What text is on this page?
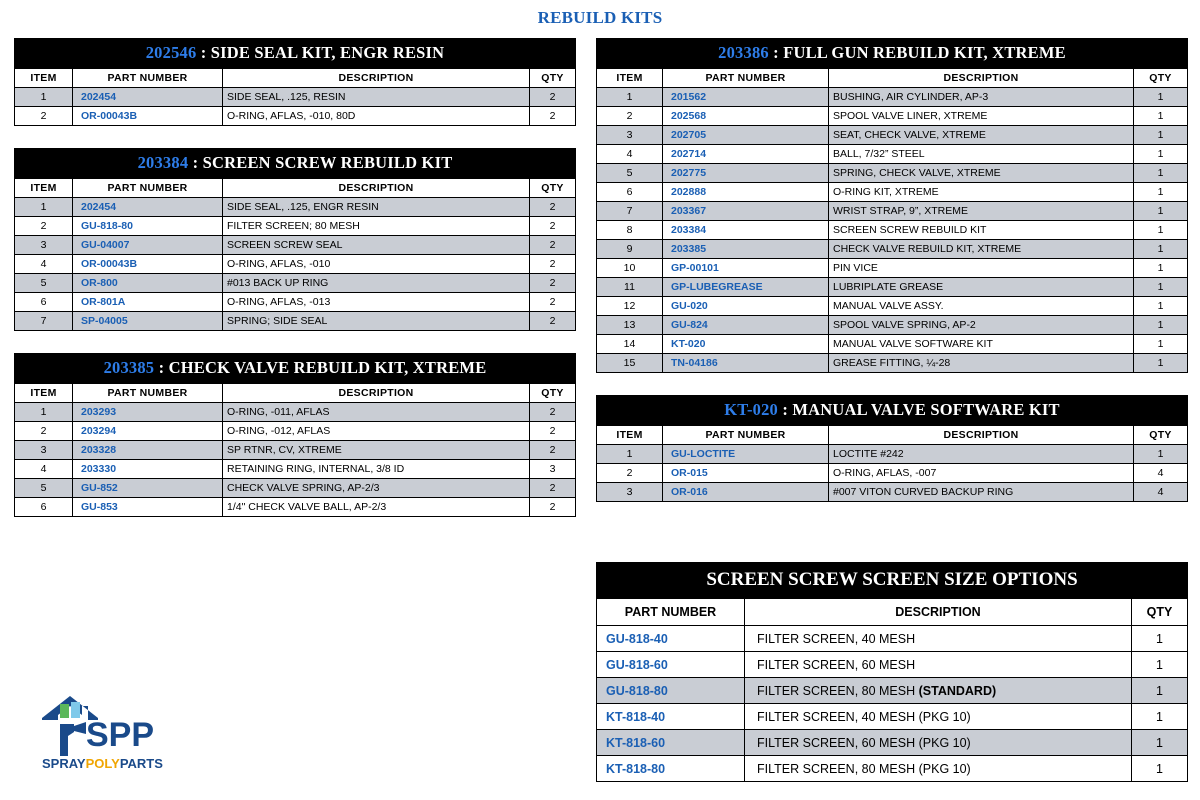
REBUILD KITS
202546 : SIDE SEAL KIT, ENGR RESIN
ITEM	PART NUMBER	DESCRIPTION	QTY
1	202454	SIDE SEAL, .125, RESIN	2
2	OR-00043B	O-RING, AFLAS, -010, 80D	2
203384 : SCREEN SCREW REBUILD KIT
ITEM	PART NUMBER	DESCRIPTION	QTY
1	202454	SIDE SEAL, .125, ENGR RESIN	2
2	GU-818-80	FILTER SCREEN; 80 MESH	2
3	GU-04007	SCREEN SCREW SEAL	2
4	OR-00043B	O-RING, AFLAS, -010	2
5	OR-800	#013 BACK UP RING	2
6	OR-801A	O-RING, AFLAS, -013	2
7	SP-04005	SPRING; SIDE SEAL	2
203385 : CHECK VALVE REBUILD KIT, XTREME
ITEM	PART NUMBER	DESCRIPTION	QTY
1	203293	O-RING, -011, AFLAS	2
2	203294	O-RING, -012, AFLAS	2
3	203328	SP RTNR, CV, XTREME	2
4	203330	RETAINING RING, INTERNAL, 3/8 ID	3
5	GU-852	CHECK VALVE SPRING, AP-2/3	2
6	GU-853	1/4" CHECK VALVE BALL, AP-2/3	2
203386 : FULL GUN REBUILD KIT, XTREME
ITEM	PART NUMBER	DESCRIPTION	QTY
1	201562	BUSHING, AIR CYLINDER, AP-3	1
2	202568	SPOOL VALVE LINER, XTREME	1
3	202705	SEAT, CHECK VALVE, XTREME	1
4	202714	BALL, 7/32” STEEL	1
5	202775	SPRING, CHECK VALVE, XTREME	1
6	202888	O-RING KIT, XTREME	1
7	203367	WRIST STRAP, 9”, XTREME	1
8	203384	SCREEN SCREW REBUILD KIT	1
9	203385	CHECK VALVE REBUILD KIT, XTREME	1
10	GP-00101	PIN VICE	1
11	GP-LUBEGREASE	LUBRIPLATE GREASE	1
12	GU-020	MANUAL VALVE ASSY.	1
13	GU-824	SPOOL VALVE SPRING, AP-2	1
14	KT-020	MANUAL VALVE SOFTWARE KIT	1
15	TN-04186	GREASE FITTING, ¼-28	1
KT-020 : MANUAL VALVE SOFTWARE KIT
ITEM	PART NUMBER	DESCRIPTION	QTY
1	GU-LOCTITE	LOCTITE #242	1
2	OR-015	O-RING, AFLAS, -007	4
3	OR-016	#007 VITON CURVED BACKUP RING	4
SCREEN SCREW SCREEN SIZE OPTIONS
PART NUMBER	DESCRIPTION	QTY
GU-818-40	FILTER SCREEN, 40 MESH	1
GU-818-60	FILTER SCREEN, 60 MESH	1
GU-818-80	FILTER SCREEN, 80 MESH (STANDARD)	1
KT-818-40	FILTER SCREEN, 40 MESH (PKG 10)	1
KT-818-60	FILTER SCREEN, 60 MESH (PKG 10)	1
KT-818-80	FILTER SCREEN, 80 MESH (PKG 10)	1
SPP
SPRAYPOLYPARTS
